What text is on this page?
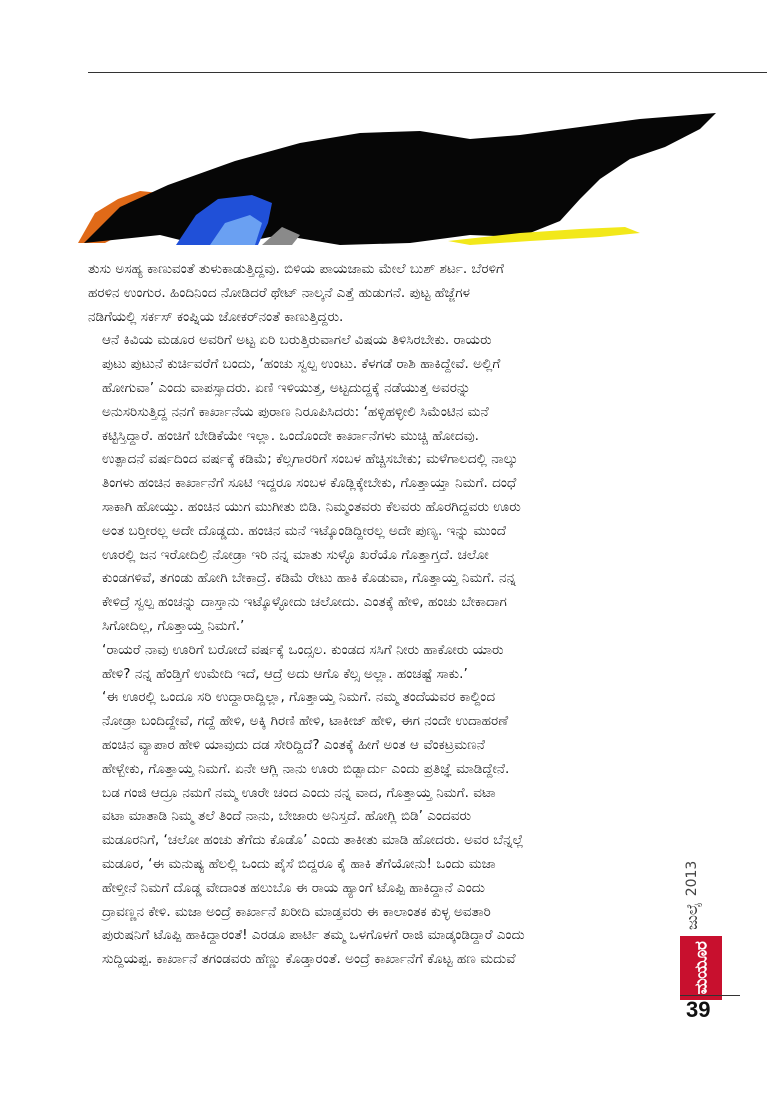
ತುಸು ಅಸಹ್ಯ ಕಾಣುವಂತೆ ತುಳುಕಾಡುತ್ತಿದ್ದವು. ಬಿಳಿಯ ಪಾಯಜಾಮ ಮೇಲೆ ಬುಶ್ ಶರ್ಟ. ಬೆರಳಿಗೆ
ಹರಳಿನ ಉಂಗುರ. ಹಿಂದಿನಿಂದ ನೋಡಿದರೆ ಥೇಟ್ ನಾಲ್ಕನೆ ಎತ್ತೆ ಹುಡುಗನೆ. ಪುಟ್ಟ ಹೆಜ್ಜೆಗಳ
ನಡಿಗೆಯಲ್ಲಿ ಸರ್ಕಸ್ ಕಂಪ್ನಿಯ ಜೋಕರ್‌ನಂತೆ ಕಾಣುತ್ತಿದ್ದರು.

ಆನೆ ಕಿವಿಯ ಮಡೂರ ಅವರಿಗೆ ಅಟ್ಟ ಏರಿ ಬರುತ್ತಿರುವಾಗಲೆ ವಿಷಯ ತಿಳಿಸಿರಬೇಕು. ರಾಯರು
ಪುಟು ಪುಟುನೆ ಕುರ್ಚಿವರೆಗೆ ಬಂದು, ‘ಹಂಚು ಸ್ವಲ್ಪ ಉಂಟು. ಕೆಳಗಡೆ ರಾಶಿ ಹಾಕಿದ್ದೇವೆ. ಅಲ್ಲಿಗೆ
ಹೋಗುವಾ’ ಎಂದು ವಾಪಸ್ಸಾದರು. ಏಣಿ ಇಳಿಯುತ್ತ, ಅಟ್ಟದುದ್ದಕ್ಕೆ ನಡೆಯುತ್ತ ಅವರನ್ನು
ಅನುಸರಿಸುತ್ತಿದ್ದ ನನಗೆ ಕಾರ್ಖಾನೆಯ ಪುರಾಣ ನಿರೂಪಿಸಿದರು: ‘ಹಳ್ಳಿಹಳ್ಳೀಲಿ ಸಿಮೆಂಟಿನ ಮನೆ
ಕಟ್ಟಿಸ್ತಿದ್ದಾರೆ. ಹಂಚಿಗೆ ಬೇಡಿಕೆಯೇ ಇಲ್ಲಾ. ಒಂದೊಂದೇ ಕಾರ್ಖಾನೆಗಳು ಮುಚ್ಚಿ ಹೋದವು.
ಉತ್ಪಾದನೆ ವರ್ಷದಿಂದ ವರ್ಷಕ್ಕೆ ಕಡಿಮೆ; ಕೆಲ್ಸಗಾರರಿಗೆ ಸಂಬಳ ಹೆಚ್ಚಿಸಬೇಕು; ಮಳೆಗಾಲದಲ್ಲಿ ನಾಲ್ಕು
ತಿಂಗಳು ಹಂಚಿನ ಕಾರ್ಖಾನೆಗೆ ಸೂಟಿ ಇದ್ದರೂ ಸಂಬಳ ಕೊಡ್ಲಿಕ್ಕೇಬೇಕು, ಗೊತ್ತಾಯ್ತಾ ನಿಮಗೆ. ದಂಧೆ
ಸಾಕಾಗಿ ಹೋಯ್ತು. ಹಂಚಿನ ಯುಗ ಮುಗೀತು ಬಿಡಿ. ನಿಮ್ಮಂತವರು ಕೆಲವರು ಹೊರಗಿದ್ದವರು ಊರು
ಅಂತ ಬರ್‍ತೀರಲ್ಲ ಅದೇ ದೊಡ್ಡದು. ಹಂಚಿನ ಮನೆ ಇಟ್ಕೊಂಡಿದ್ದೀರಲ್ಲ ಅದೇ ಪುಣ್ಯ. ಇನ್ನು ಮುಂದೆ
ಊರಲ್ಲಿ ಜನ ಇರೋದಿಲ್ರಿ ನೋಡ್ರಾ ಇರಿ ನನ್ನ ಮಾತು ಸುಳ್ಳೊ ಖರೆಯೊ ಗೊತ್ತಾಗ್ತದೆ. ಚಲೋ
ಕುಂಡಗಳಿವೆ, ತಗಂಡು ಹೋಗಿ ಬೇಕಾದ್ರೆ. ಕಡಿಮೆ ರೇಟು ಹಾಕಿ ಕೊಡುವಾ, ಗೊತ್ತಾಯ್ತ ನಿಮಗೆ. ನನ್ನ
ಕೇಳಿದ್ರೆ ಸ್ವಲ್ಪ ಹಂಚನ್ನು ದಾಸ್ತಾನು ಇಟ್ಕೊಳ್ಳೋದು ಚಲೋದು. ಎಂತಕ್ಕೆ ಹೇಳಿ, ಹಂಚು ಬೇಕಾದಾಗ
ಸಿಗೋದಿಲ್ಲ, ಗೊತ್ತಾಯ್ತ ನಿಮಗೆ.’

‘ರಾಯರೆ ನಾವು ಊರಿಗೆ ಬರೋದೆ ವರ್ಷಕ್ಕೆ ಒಂದ್ಸಲ. ಕುಂಡದ ಸಸಿಗೆ ನೀರು ಹಾಕೋರು ಯಾರು
ಹೇಳಿ? ನನ್ನ ಹೆಂಡ್ತಿಗೆ ಉಮೇದಿ ಇದೆ, ಆದ್ರೆ ಅದು ಆಗೊ ಕೆಲ್ಸ ಅಲ್ಲಾ. ಹಂಚಷ್ಟೆ ಸಾಕು.’

‘ಈ ಊರಲ್ಲಿ ಒಂದೂ ಸರಿ ಉದ್ದಾರಾದ್ದಿಲ್ಲಾ, ಗೊತ್ತಾಯ್ತ ನಿಮಗೆ. ನಮ್ಮ ತಂದೆಯವರ ಕಾಲ್ದಿಂದ
ನೋಡ್ರಾ ಬಂದಿದ್ದೇವೆ, ಗದ್ದೆ ಹೇಳಿ, ಅಕ್ಕಿ ಗಿರಣಿ ಹೇಳಿ, ಟಾಕೀಜ್ ಹೇಳಿ, ಈಗ ನಂದೇ ಉದಾಹರಣೆ
ಹಂಚಿನ ವ್ಯಾಪಾರ ಹೇಳಿ ಯಾವುದು ದಡ ಸೇರಿದ್ದಿದೆ? ಎಂತಕ್ಕೆ ಹೀಗೆ ಅಂತ ಆ ವೆಂಕಟ್ರಮಣನೆ
ಹೇಳ್ಬೇಕು, ಗೊತ್ತಾಯ್ತ ನಿಮಗೆ. ಏನೇ ಆಗ್ಲಿ ನಾನು ಊರು ಬಿಡ್ಬಾರ್ದು ಎಂದು ಪ್ರತಿಜ್ಞೆ ಮಾಡಿದ್ದೇನೆ.
ಬಡ ಗಂಜಿ ಆದ್ರೂ ನಮಗೆ ನಮ್ಮ ಊರೇ ಚಂದ ಎಂದು ನನ್ನ ವಾದ, ಗೊತ್ತಾಯ್ತ ನಿಮಗೆ. ವಟಾ
ವಟಾ ಮಾತಾಡಿ ನಿಮ್ಮ ತಲೆ ತಿಂದೆ ನಾನು, ಬೇಜಾರು ಅನಿಸ್ತದೆ. ಹೋಗ್ಲಿ ಬಿಡಿ’ ಎಂದವರು
ಮಡೂರನಿಗೆ, ‘ಚಲೋ ಹಂಚು ತೆಗೆದು ಕೊಡೊ’ ಎಂದು ತಾಕೀತು ಮಾಡಿ ಹೋದರು. ಅವರ ಬೆನ್ನಲ್ಲೆ
ಮಡೂರ, ‘ಈ ಮನುಷ್ಯ ಹೆಲಲ್ಲಿ ಒಂದು ಪೈಸೆ ಬಿದ್ದರೂ ಕೈ ಹಾಕಿ ತೆಗೆಯೋನು! ಒಂದು ಮಜಾ
ಹೇಳ್ತೀನೆ ನಿಮಗೆ ದೊಡ್ಡ ವೇದಾಂತ ಹಲುಬೊ ಈ ರಾಯ ಹ್ಯಾಂಗೆ ಟೊಪ್ಪಿ ಹಾಕಿದ್ದಾನೆ ಎಂದು
ದ್ರಾವಣ್ಣನ ಕೇಳಿ. ಮಜಾ ಅಂದ್ರೆ ಕಾರ್ಖಾನೆ ಖರೀದಿ ಮಾಡ್ತವರು ಈ ಕಾಲಾಂತಕ ಕುಳ್ಳ ಅವತಾರಿ
ಪುರುಷನಿಗೆ ಟೊಪ್ಪಿ ಹಾಕಿದ್ದಾರಂತೆ! ಎರಡೂ ಪಾರ್ಟಿ ತಮ್ಮ ಒಳಗೊಳಗೆ ರಾಜಿ ಮಾಡ್ಕಂಡಿದ್ದಾರೆ ಎಂದು
ಸುದ್ದಿಯಪ್ಪ. ಕಾರ್ಖಾನೆ ತಗಂಡವರು ಹೆಣ್ಣು ಕೊಡ್ತಾರಂತೆ. ಅಂದ್ರೆ ಕಾರ್ಖಾನೆಗೆ ಕೊಟ್ಟ ಹಣ ಮದುವೆ

ಜುಲೈ
2013
ಮಯೂರ
39
